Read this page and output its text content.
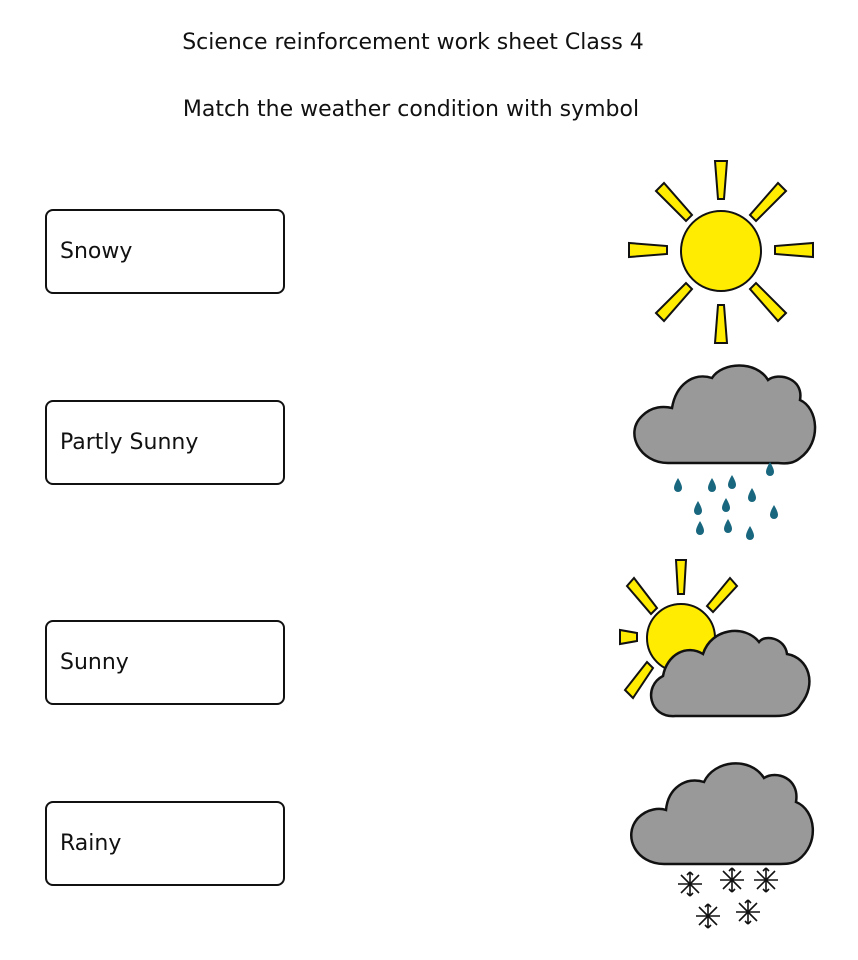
Science reinforcement work sheet Class 4
Match the weather condition with symbol
Snowy
Partly Sunny
Sunny
Rainy
